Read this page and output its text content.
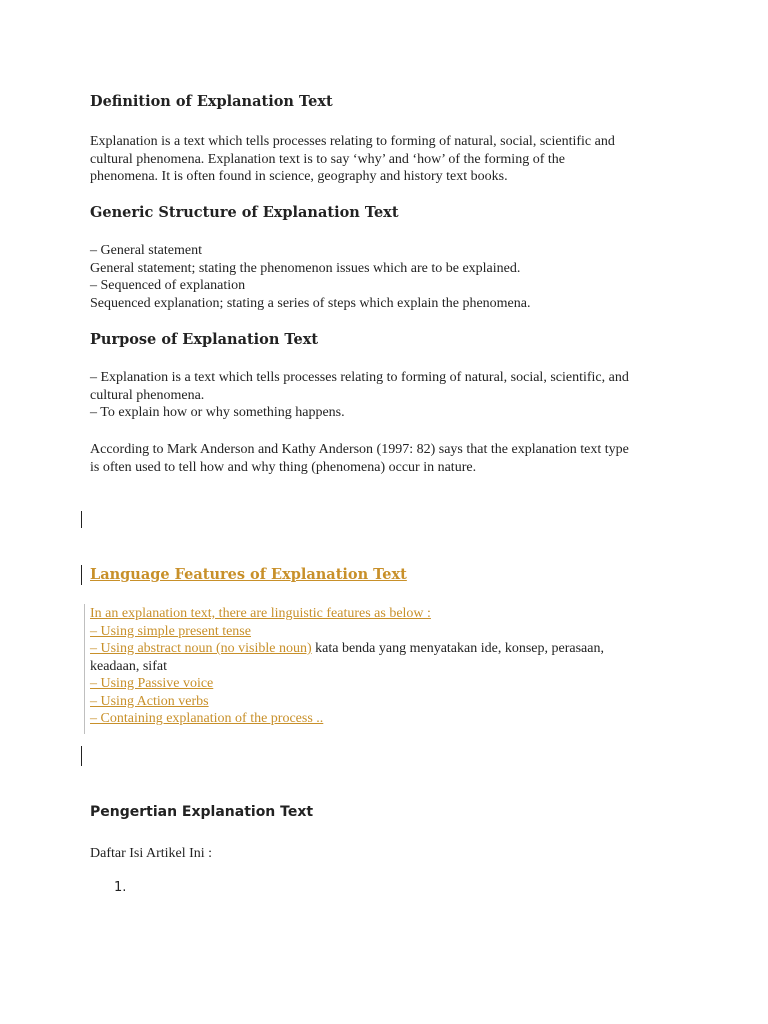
Definition of Explanation Text
Explanation is a text which tells processes relating to forming of natural, social, scientific and
cultural phenomena. Explanation text is to say ‘why’ and ‘how’ of the forming of the
phenomena. It is often found in science, geography and history text books.
Generic Structure of Explanation Text
– General statement
General statement; stating the phenomenon issues which are to be explained.
– Sequenced of explanation
Sequenced explanation; stating a series of steps which explain the phenomena.
Purpose of Explanation Text
– Explanation is a text which tells processes relating to forming of natural, social, scientific, and
cultural phenomena.
– To explain how or why something happens.
According to Mark Anderson and Kathy Anderson (1997: 82) says that the explanation text type
is often used to tell how and why thing (phenomena) occur in nature.
Language Features of Explanation Text
In an explanation text, there are linguistic features as below :
– Using simple present tense
– Using abstract noun (no visible noun) kata benda yang menyatakan ide, konsep, perasaan,
keadaan, sifat
– Using Passive voice
– Using Action verbs
– Containing explanation of the process ..
Pengertian Explanation Text
Daftar Isi Artikel Ini :
1.
